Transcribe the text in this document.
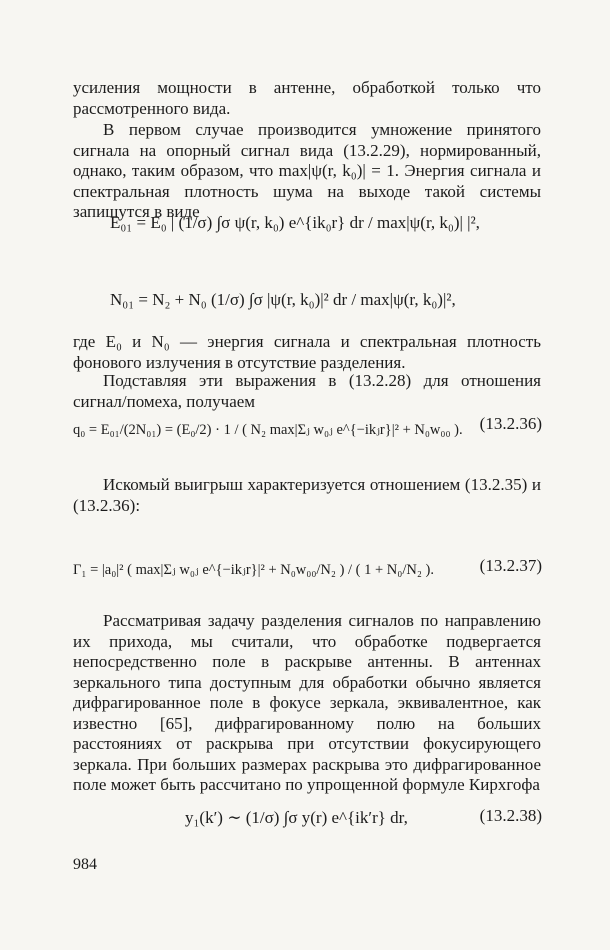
усиления мощности в антенне, обработкой только что рассмотренного вида.
В первом случае производится умножение принятого сигнала на опорный сигнал вида (13.2.29), нормированный, однако, таким образом, что max|ψ(r, k₀)| = 1. Энергия сигнала и спектральная плотность шума на выходе такой системы запишутся в виде
E₀₁ = E₀ | (1/σ) ∫σ ψ(r, k₀) e^{ik₀r} dr / max|ψ(r, k₀)| |²,
N₀₁ = N₂ + N₀ (1/σ) ∫σ |ψ(r, k₀)|² dr / max|ψ(r, k₀)|²,
где E₀ и N₀ — энергия сигнала и спектральная плотность фонового излучения в отсутствие разделения.
Подставляя эти выражения в (13.2.28) для отношения сигнал/помеха, получаем
q₀ = E₀₁/(2N₀₁) = (E₀/2) · 1 / ( N₂ max|Σⱼ w₀ⱼ e^{−ikⱼr}|² + N₀w₀₀ ). (13.2.36)
Искомый выигрыш характеризуется отношением (13.2.35) и (13.2.36):
Γ₁ = |a₀|² ( max|Σⱼ w₀ⱼ e^{−ikⱼr}|² + N₀w₀₀/N₂ ) / ( 1 + N₀/N₂ ).	(13.2.37)
Рассматривая задачу разделения сигналов по направлению их прихода, мы считали, что обработке подвергается непосредственно поле в раскрыве антенны. В антеннах зеркального типа доступным для обработки обычно является дифрагированное поле в фокусе зеркала, эквивалентное, как известно [65], дифрагированному полю на больших расстояниях от раскрыва при отсутствии фокусирующего зеркала. При больших размерах раскрыва это дифрагированное поле может быть рассчитано по упрощенной формуле Кирхгофа
y₁(k′) ∼ (1/σ) ∫σ y(r) e^{ik′r} dr,	(13.2.38)
984
